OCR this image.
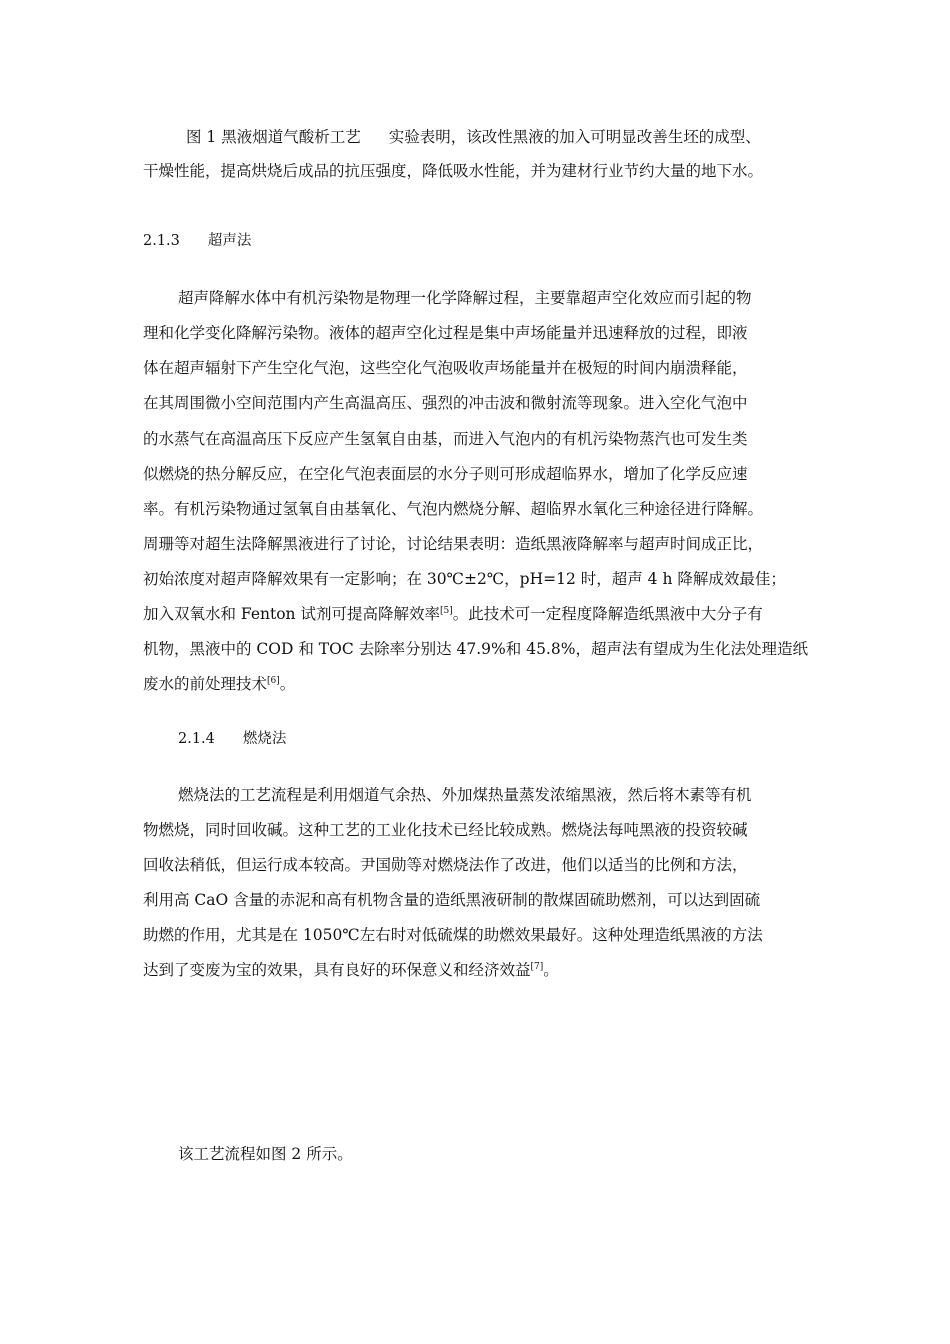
图 1 黑液烟道气酸析工艺 实验表明，该改性黑液的加入可明显改善生坯的成型、
干燥性能，提高烘烧后成品的抗压强度，降低吸水性能，并为建材行业节约大量的地下水。
2.1.3 超声法
超声降解水体中有机污染物是物理一化学降解过程，主要靠超声空化效应而引起的物
理和化学变化降解污染物。液体的超声空化过程是集中声场能量并迅速释放的过程，即液
体在超声辐射下产生空化气泡，这些空化气泡吸收声场能量并在极短的时间内崩溃释能，
在其周围微小空间范围内产生高温高压、强烈的冲击波和微射流等现象。进入空化气泡中
的水蒸气在高温高压下反应产生氢氧自由基，而进入气泡内的有机污染物蒸汽也可发生类
似燃烧的热分解反应，在空化气泡表面层的水分子则可形成超临界水，增加了化学反应速
率。有机污染物通过氢氧自由基氧化、气泡内燃烧分解、超临界水氧化三种途径进行降解。
周珊等对超生法降解黑液进行了讨论，讨论结果表明：造纸黑液降解率与超声时间成正比，
初始浓度对超声降解效果有一定影响；在 30℃±2℃，pH=12 时，超声 4 h 降解成效最佳；
加入双氧水和 Fenton 试剂可提高降解效率[5]。此技术可一定程度降解造纸黑液中大分子有
机物，黑液中的 COD 和 TOC 去除率分别达 47.9%和 45.8%，超声法有望成为生化法处理造纸
废水的前处理技术[6]。
2.1.4 燃烧法
燃烧法的工艺流程是利用烟道气余热、外加煤热量蒸发浓缩黑液，然后将木素等有机
物燃烧，同时回收碱。这种工艺的工业化技术已经比较成熟。燃烧法每吨黑液的投资较碱
回收法稍低，但运行成本较高。尹国勋等对燃烧法作了改进，他们以适当的比例和方法，
利用高 CaO 含量的赤泥和高有机物含量的造纸黑液研制的散煤固硫助燃剂，可以达到固硫
助燃的作用，尤其是在 1050℃左右时对低硫煤的助燃效果最好。这种处理造纸黑液的方法
达到了变废为宝的效果，具有良好的环保意义和经济效益[7]。
该工艺流程如图 2 所示。
